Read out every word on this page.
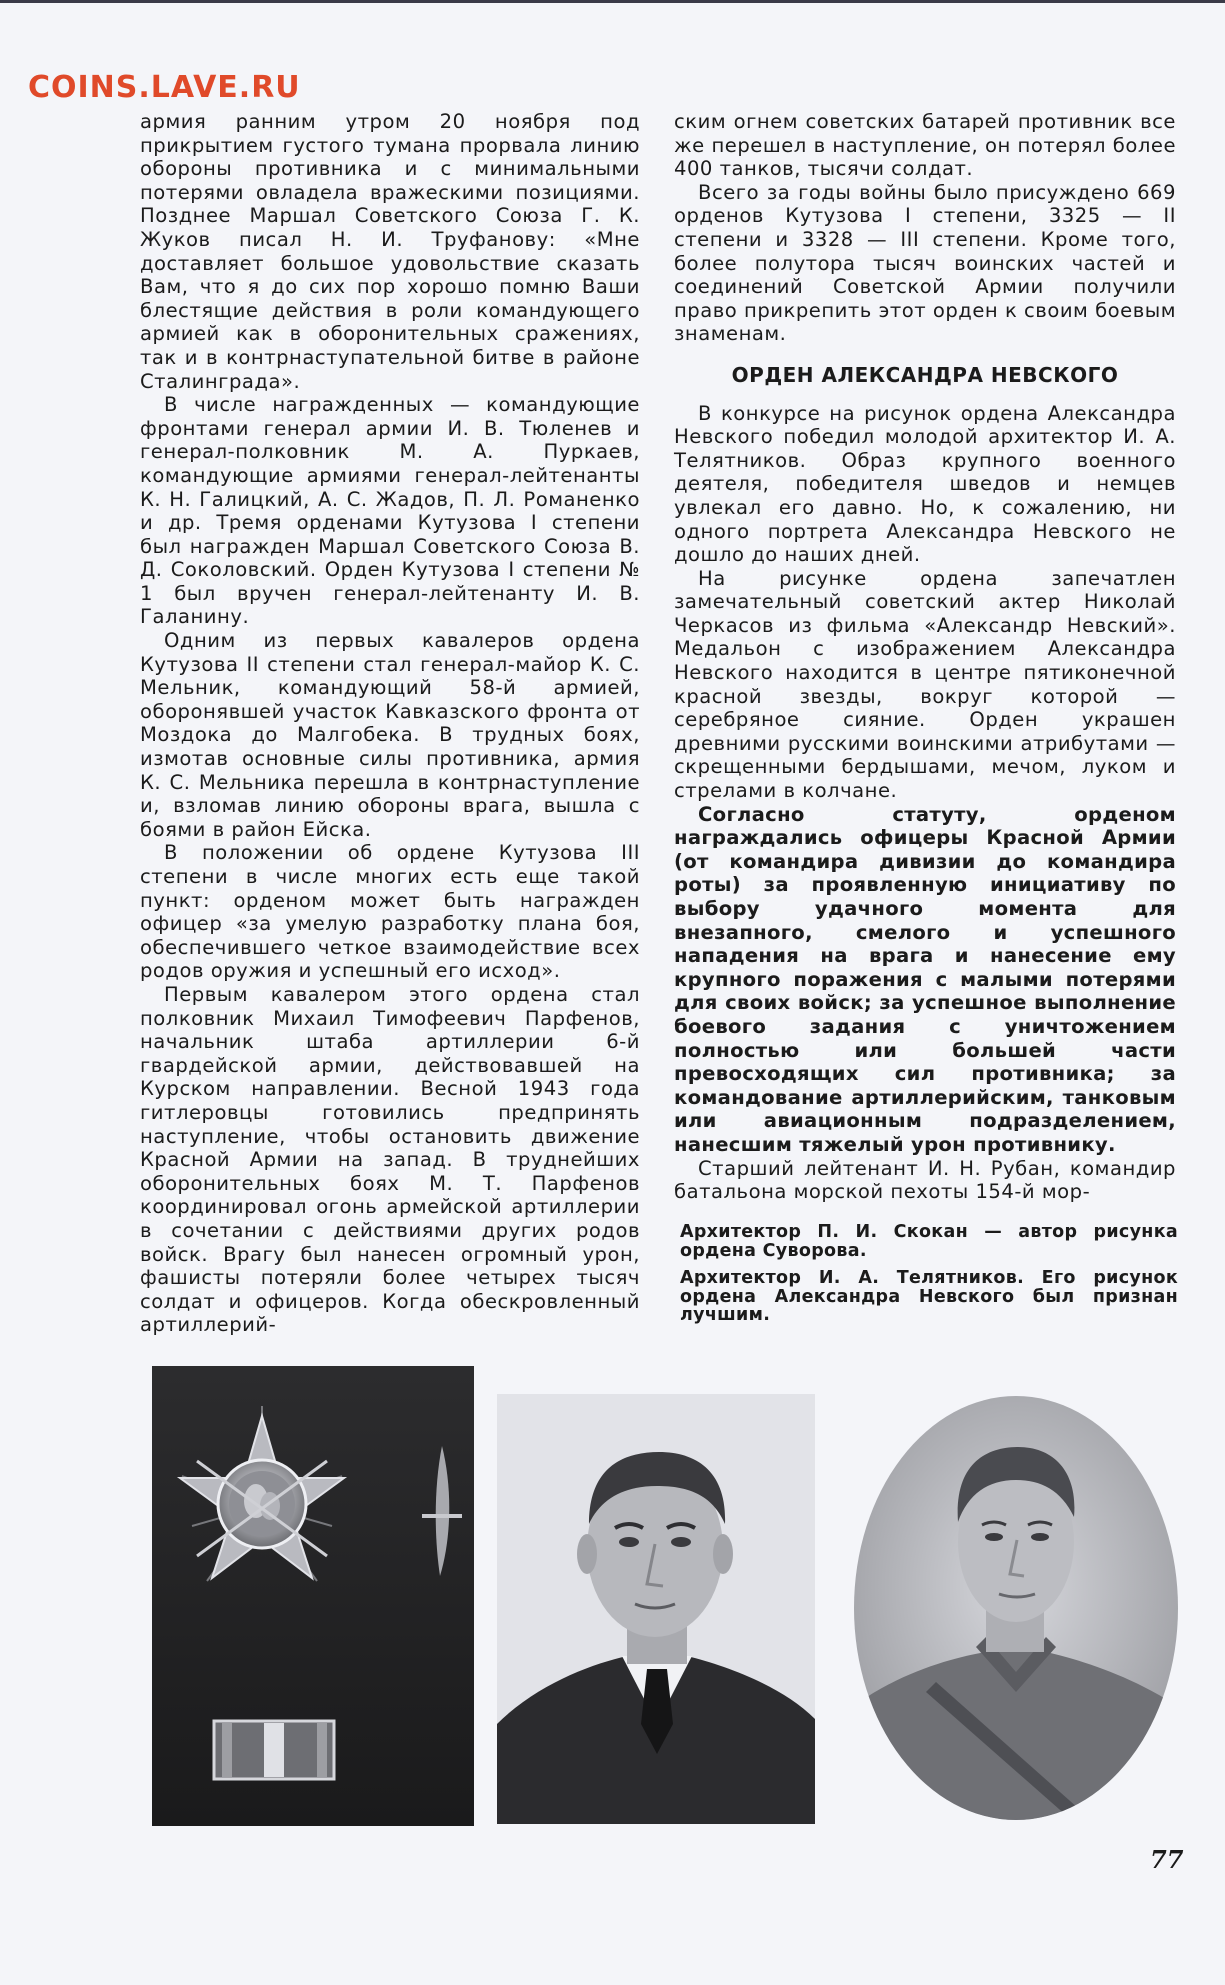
COINS.LAVE.RU

армия ранним утром 20 ноября под прикрытием густого тумана прорвала линию обороны противника и с минимальными потерями овладела вражескими позициями. Позднее Маршал Советского Союза Г. К. Жуков писал Н. И. Труфанову: «Мне доставляет большое удовольствие сказать Вам, что я до сих пор хорошо помню Ваши блестящие действия в роли командующего армией как в оборонительных сражениях, так и в контрнаступательной битве в районе Сталинграда».

В числе награжденных — командующие фронтами генерал армии И. В. Тюленев и генерал-полковник М. А. Пуркаев, командующие армиями генерал-лейтенанты К. Н. Галицкий, А. С. Жадов, П. Л. Романенко и др. Тремя орденами Кутузова I степени был награжден Маршал Советского Союза В. Д. Соколовский. Орден Кутузова I степени № 1 был вручен генерал-лейтенанту И. В. Галанину.

Одним из первых кавалеров ордена Кутузова II степени стал генерал-майор К. С. Мельник, командующий 58-й армией, оборонявшей участок Кавказского фронта от Моздока до Малгобека. В трудных боях, измотав основные силы противника, армия К. С. Мельника перешла в контрнаступление и, взломав линию обороны врага, вышла с боями в район Ейска.

В положении об ордене Кутузова III степени в числе многих есть еще такой пункт: орденом может быть награжден офицер «за умелую разработку плана боя, обеспечившего четкое взаимодействие всех родов оружия и успешный его исход».

Первым кавалером этого ордена стал полковник Михаил Тимофеевич Парфенов, начальник штаба артиллерии 6-й гвардейской армии, действовавшей на Курском направлении. Весной 1943 года гитлеровцы готовились предпринять наступление, чтобы остановить движение Красной Армии на запад. В труднейших оборонительных боях М. Т. Парфенов координировал огонь армейской артиллерии в сочетании с действиями других родов войск. Врагу был нанесен огромный урон, фашисты потеряли более четырех тысяч солдат и офицеров. Когда обескровленный артиллерий-

ским огнем советских батарей противник все же перешел в наступление, он потерял более 400 танков, тысячи солдат.

Всего за годы войны было присуждено 669 орденов Кутузова I степени, 3325 — II степени и 3328 — III степени. Кроме того, более полутора тысяч воинских частей и соединений Советской Армии получили право прикрепить этот орден к своим боевым знаменам.

ОРДЕН АЛЕКСАНДРА НЕВСКОГО

В конкурсе на рисунок ордена Александра Невского победил молодой архитектор И. А. Телятников. Образ крупного военного деятеля, победителя шведов и немцев увлекал его давно. Но, к сожалению, ни одного портрета Александра Невского не дошло до наших дней.

На рисунке ордена запечатлен замечательный советский актер Николай Черкасов из фильма «Александр Невский». Медальон с изображением Александра Невского находится в центре пятиконечной красной звезды, вокруг которой — серебряное сияние. Орден украшен древними русскими воинскими атрибутами — скрещенными бердышами, мечом, луком и стрелами в колчане.

Согласно статуту, орденом награждались офицеры Красной Армии (от командира дивизии до командира роты) за проявленную инициативу по выбору удачного момента для внезапного, смелого и успешного нападения на врага и нанесение ему крупного поражения с малыми потерями для своих войск; за успешное выполнение боевого задания с уничтожением полностью или большей части превосходящих сил противника; за командование артиллерийским, танковым или авиационным подразделением, нанесшим тяжелый урон противнику.

Старший лейтенант И. Н. Рубан, командир батальона морской пехоты 154-й мор-

Архитектор П. И. Скокан — автор рисунка ордена Суворова.

Архитектор И. А. Телятников. Его рисунок ордена Александра Невского был признан лучшим.

77
